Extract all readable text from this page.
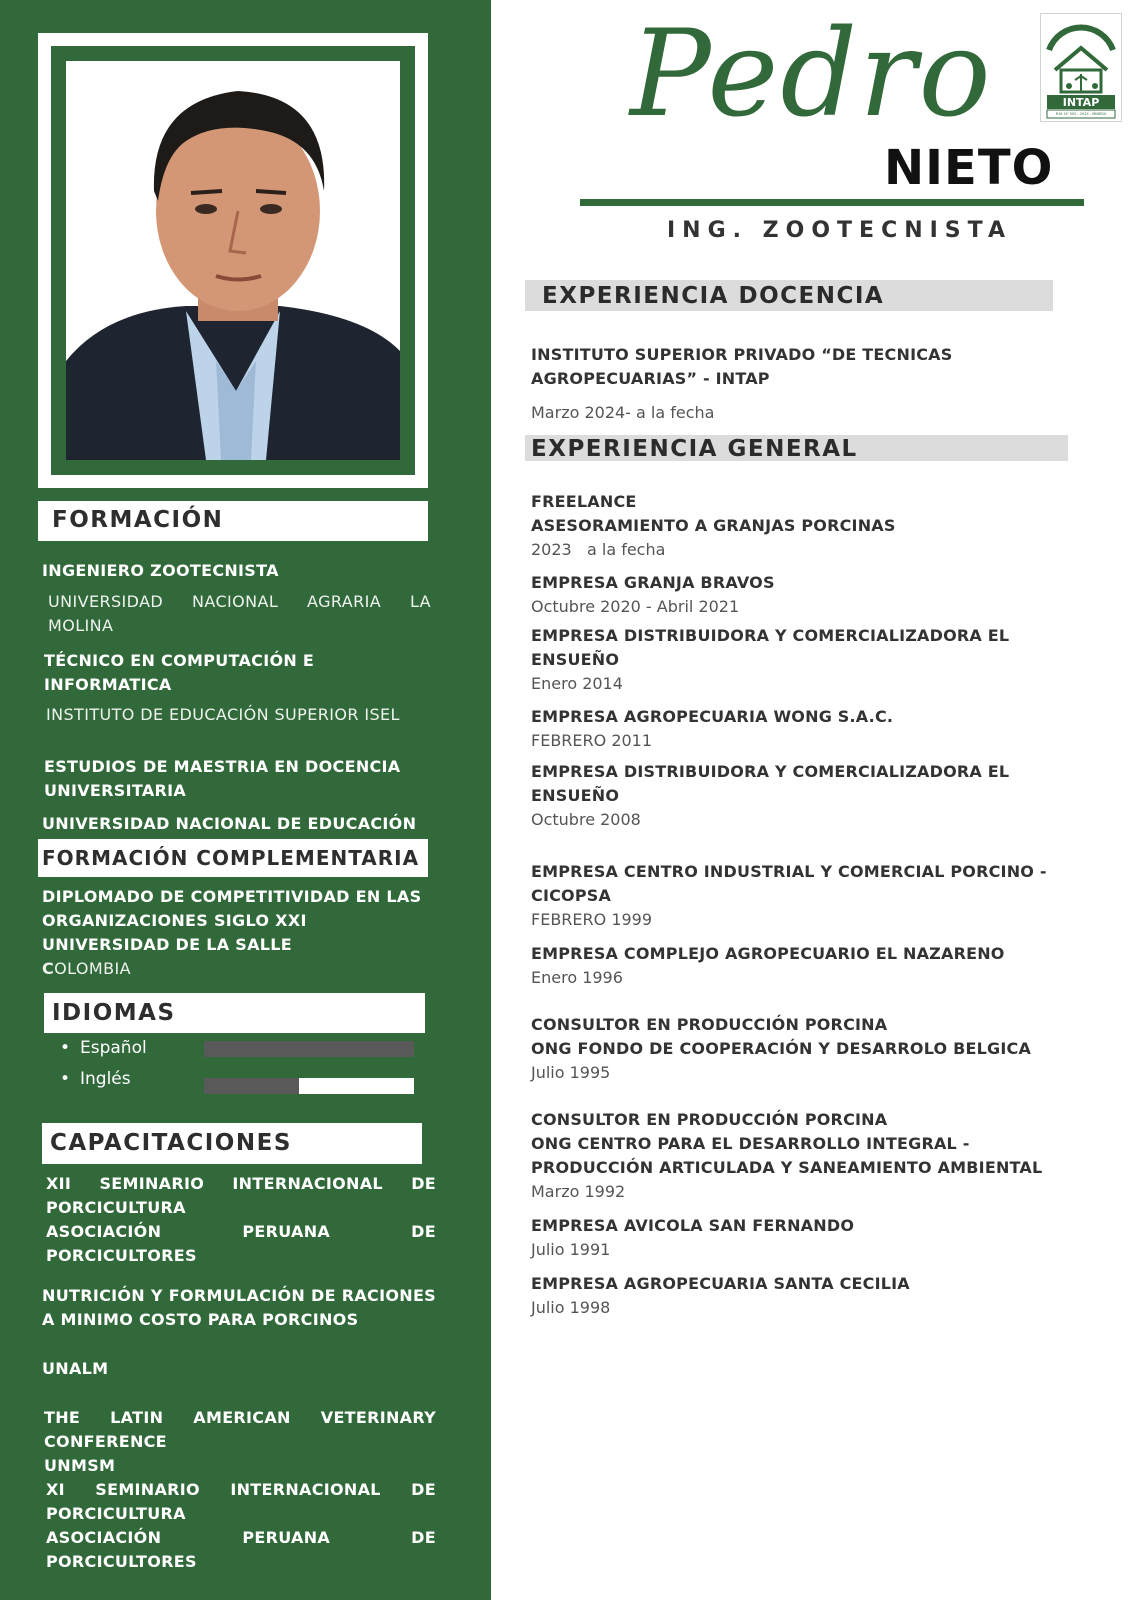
FORMACIÓN
INGENIERO ZOOTECNISTA
UNIVERSIDAD NACIONAL AGRARIA LA MOLINA
TÉCNICO EN COMPUTACIÓN E INFORMATICA
INSTITUTO DE EDUCACIÓN SUPERIOR ISEL
ESTUDIOS DE MAESTRIA EN DOCENCIA UNIVERSITARIA
UNIVERSIDAD NACIONAL DE EDUCACIÓN
FORMACIÓN COMPLEMENTARIA
DIPLOMADO DE COMPETITIVIDAD EN LAS
ORGANIZACIONES SIGLO XXI
UNIVERSIDAD DE LA SALLE
COLOMBIA
IDIOMAS
• Español
• Inglés
CAPACITACIONES
XII SEMINARIO INTERNACIONAL DE PORCICULTURA
ASOCIACIÓN PERUANA DE PORCICULTORES
NUTRICIÓN Y FORMULACIÓN DE RACIONES A MINIMO COSTO PARA PORCINOS
UNALM
THE LATIN AMERICAN VETERINARY CONFERENCE
UNMSM
XI SEMINARIO INTERNACIONAL DE PORCICULTURA
ASOCIACIÓN PERUANA DE PORCICULTORES
Pedro
NIETO
ING. ZOOTECNISTA
INTAP
R.M. N° 592 - 2024 - MINEDU
EXPERIENCIA DOCENCIA
INSTITUTO SUPERIOR PRIVADO “DE TECNICAS AGROPECUARIAS” - INTAP
Marzo 2024- a la fecha
EXPERIENCIA GENERAL
FREELANCE
ASESORAMIENTO A GRANJAS PORCINAS
2023   a la fecha
EMPRESA GRANJA BRAVOS
Octubre 2020 - Abril 2021
EMPRESA DISTRIBUIDORA Y COMERCIALIZADORA EL ENSUEÑO
Enero 2014
EMPRESA AGROPECUARIA WONG S.A.C.
FEBRERO 2011
EMPRESA DISTRIBUIDORA Y COMERCIALIZADORA EL ENSUEÑO
Octubre 2008
EMPRESA CENTRO INDUSTRIAL Y COMERCIAL PORCINO - CICOPSA
FEBRERO 1999
EMPRESA COMPLEJO AGROPECUARIO EL NAZARENO
Enero 1996
CONSULTOR EN PRODUCCIÓN PORCINA
ONG FONDO DE COOPERACIÓN Y DESARROLO BELGICA
Julio 1995
CONSULTOR EN PRODUCCIÓN PORCINA
ONG CENTRO PARA EL DESARROLLO INTEGRAL - PRODUCCIÓN ARTICULADA Y SANEAMIENTO AMBIENTAL
Marzo 1992
EMPRESA AVICOLA SAN FERNANDO
Julio 1991
EMPRESA AGROPECUARIA SANTA CECILIA
Julio 1998
